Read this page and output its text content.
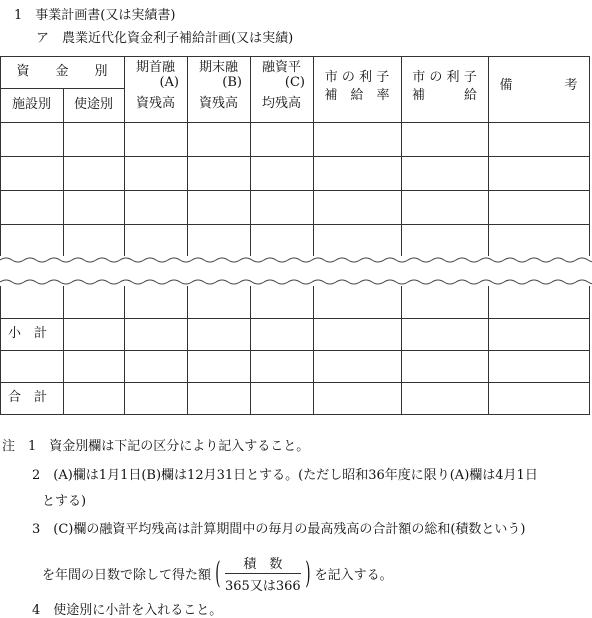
1　事業計画書(又は実績書)
ア　農業近代化資金利子補給計画(又は実績)
資　　金　　別
施設別	使途別
期首融
(A)
資残高
期末融
(B)
資残高
融資平
(C)
均残高
市 の 利 子
補　給　率
市 の 利 子
補　　　給
備　　　　考
小　計
合　計
注　1　資金別欄は下記の区分により記入すること。
2　(A)欄は1月1日(B)欄は12月31日とする。(ただし昭和36年度に限り(A)欄は4月1日
とする)
3　(C)欄の融資平均残高は計算期間中の毎月の最高残高の合計額の総和(積数という)
を年間の日数で除して得た額 (	積　数
365又は366 ) を記入する。
4　使途別に小計を入れること。
